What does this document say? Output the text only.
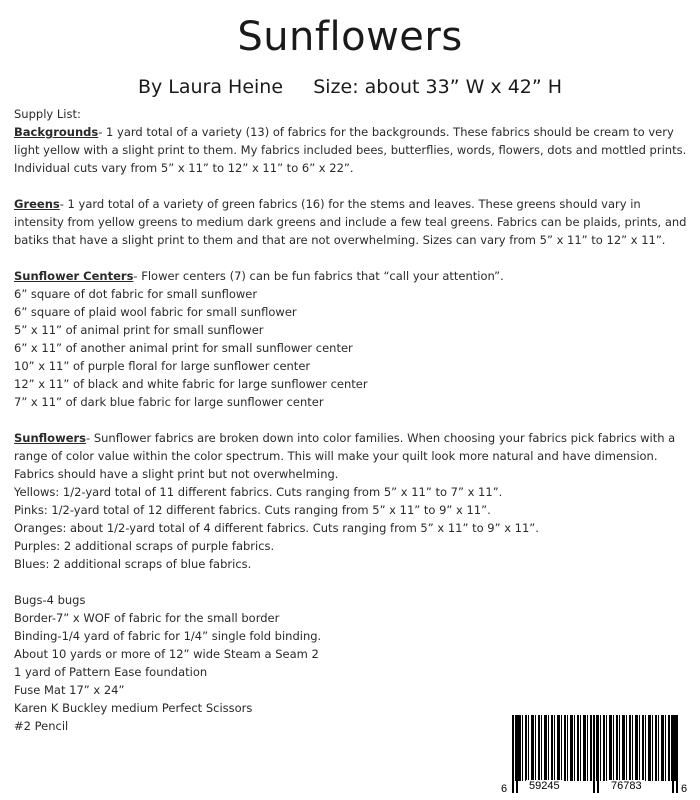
Sunflowers
By Laura Heine     Size: about 33” W x 42” H

Supply List:

Backgrounds- 1 yard total of a variety (13) of fabrics for the backgrounds. These fabrics should be cream to very light yellow with a slight print to them. My fabrics included bees, butterflies, words, flowers, dots and mottled prints. Individual cuts vary from 5” x 11” to 12” x 11” to 6” x 22”.

Greens- 1 yard total of a variety of green fabrics (16) for the stems and leaves. These greens should vary in intensity from yellow greens to medium dark greens and include a few teal greens. Fabrics can be plaids, prints, and batiks that have a slight print to them and that are not overwhelming. Sizes can vary from 5” x 11” to 12” x 11”.

Sunflower Centers- Flower centers (7) can be fun fabrics that “call your attention”.

6” square of dot fabric for small sunflower

6” square of plaid wool fabric for small sunflower

5” x 11” of animal print for small sunflower

6” x 11” of another animal print for small sunflower center

10” x 11” of purple floral for large sunflower center

12” x 11” of black and white fabric for large sunflower center

7” x 11” of dark blue fabric for large sunflower center

Sunflowers- Sunflower fabrics are broken down into color families. When choosing your fabrics pick fabrics with a range of color value within the color spectrum. This will make your quilt look more natural and have dimension. Fabrics should have a slight print but not overwhelming.

Yellows: 1/2-yard total of 11 different fabrics. Cuts ranging from 5” x 11” to 7” x 11”.

Pinks: 1/2-yard total of 12 different fabrics. Cuts ranging from 5” x 11” to 9” x 11”.

Oranges: about 1/2-yard total of 4 different fabrics. Cuts ranging from 5” x 11” to 9” x 11”.

Purples: 2 additional scraps of purple fabrics.

Blues: 2 additional scraps of blue fabrics.

Bugs-4 bugs

Border-7” x WOF of fabric for the small border

Binding-1/4 yard of fabric for 1/4” single fold binding.

About 10 yards or more of 12” wide Steam a Seam 2

1 yard of Pattern Ease foundation

Fuse Mat 17” x 24”

Karen K Buckley medium Perfect Scissors

#2 Pencil

6 59245	76783	6
